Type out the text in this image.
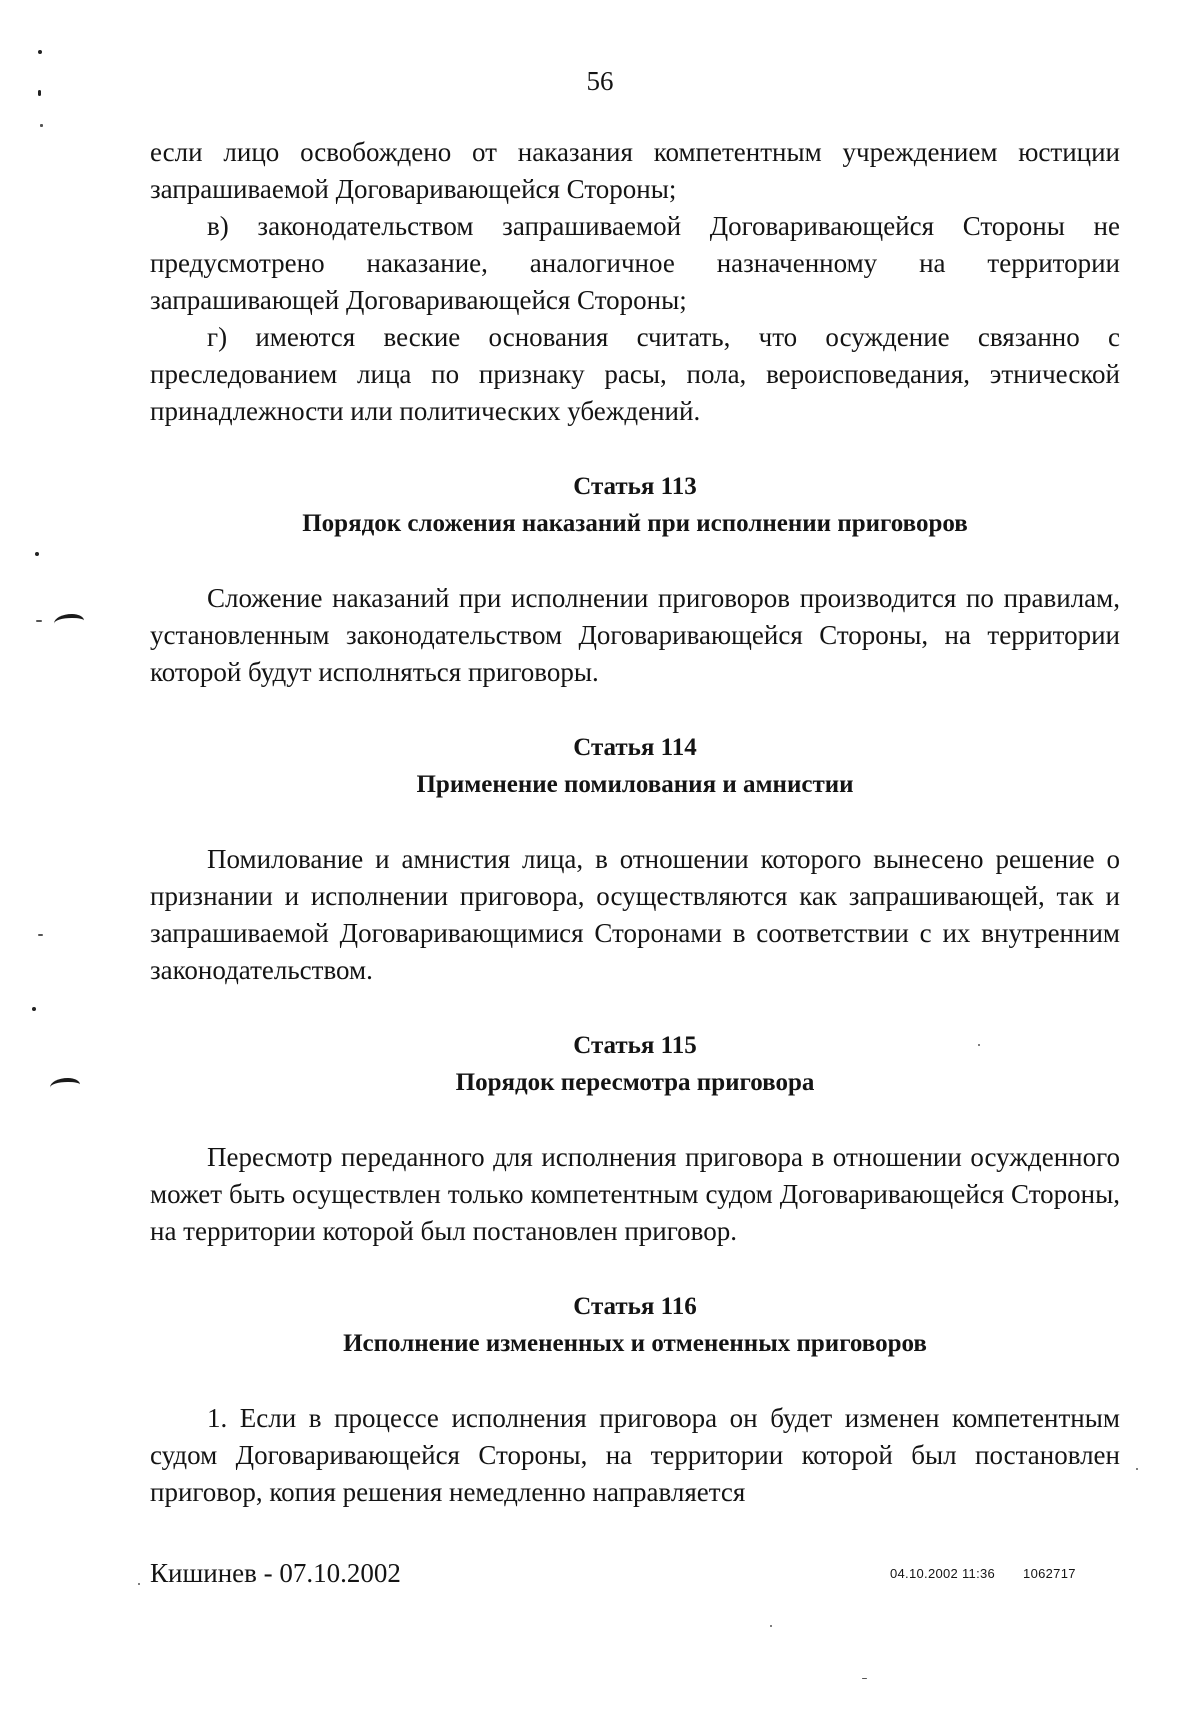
56

если лицо освобождено от наказания компетентным учреждением юстиции запрашиваемой Договаривающейся Стороны;

в) законодательством запрашиваемой Договаривающейся Стороны не предусмотрено наказание, аналогичное назначенному на территории запрашивающей Договаривающейся Стороны;

г) имеются веские основания считать, что осуждение связанно с преследованием лица по признаку расы, пола, вероисповедания, этнической принадлежности или политических убеждений.

Статья 113
Порядок сложения наказаний при исполнении приговоров

Сложение наказаний при исполнении приговоров производится по правилам, установленным законодательством Договаривающейся Стороны, на территории которой будут исполняться приговоры.

Статья 114
Применение помилования и амнистии

Помилование и амнистия лица, в отношении которого вынесено решение о признании и исполнении приговора, осуществляются как запрашивающей, так и запрашиваемой Договаривающимися Сторонами в соответствии с их внутренним законодательством.

Статья 115
Порядок пересмотра приговора

Пересмотр переданного для исполнения приговора в отношении осужденного может быть осуществлен только компетентным судом Договаривающейся Стороны, на территории которой был постановлен приговор.

Статья 116
Исполнение измененных и отмененных приговоров

1. Если в процессе исполнения приговора он будет изменен компетентным судом Договаривающейся Стороны, на территории которой был постановлен приговор, копия решения немедленно направляется

Кишинев - 07.10.2002	04.10.2002 11:36 1062717
